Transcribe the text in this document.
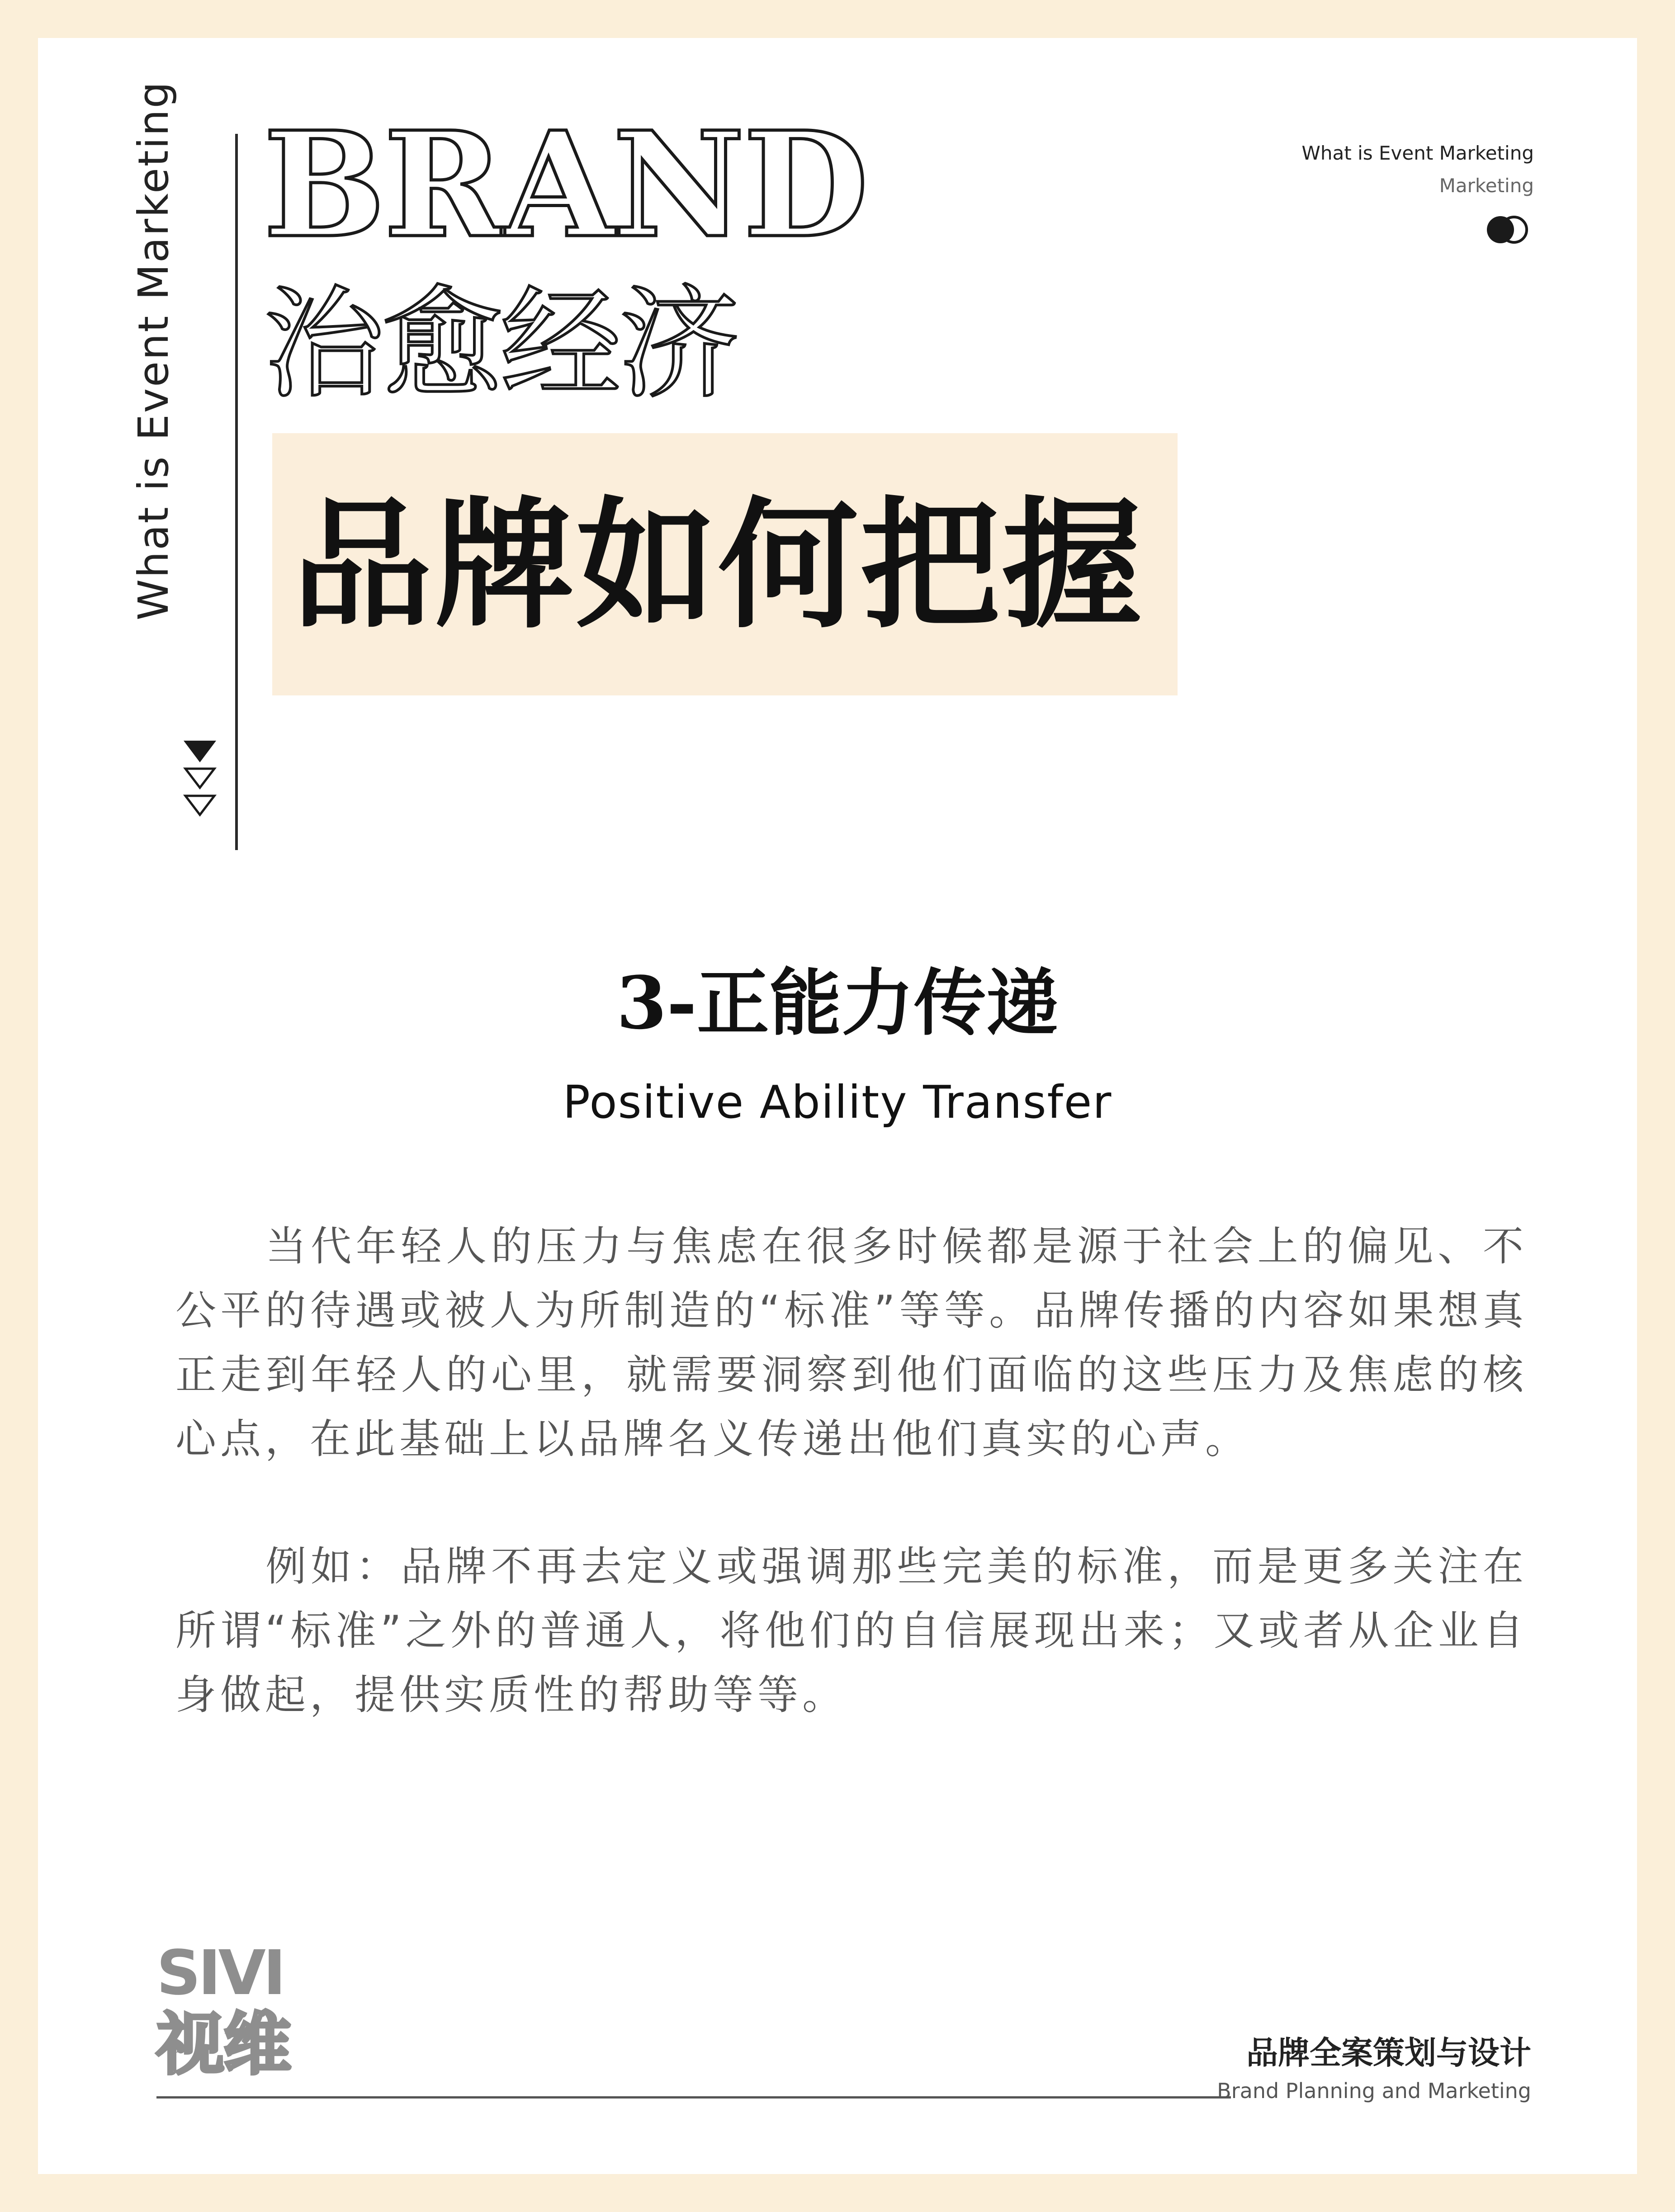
What is Event Marketing BRAND
治愈经济
品牌如何把握
What is Event Marketing
Marketing
3-正能力传递
Positive Ability Transfer

　　当代年轻人的压力与焦虑在很多时候都是源于社会上的偏见、不公平的待遇或被人为所制造的“标准”等等。品牌传播的内容如果想真正走到年轻人的心里，就需要洞察到他们面临的这些压力及焦虑的核心点，在此基础上以品牌名义传递出他们真实的心声。

　　例如：品牌不再去定义或强调那些完美的标准，而是更多关注在所谓“标准”之外的普通人，将他们的自信展现出来；又或者从企业自身做起，提供实质性的帮助等等。

SIVI
视维	品牌全案策划与设计
Brand Planning and Marketing
